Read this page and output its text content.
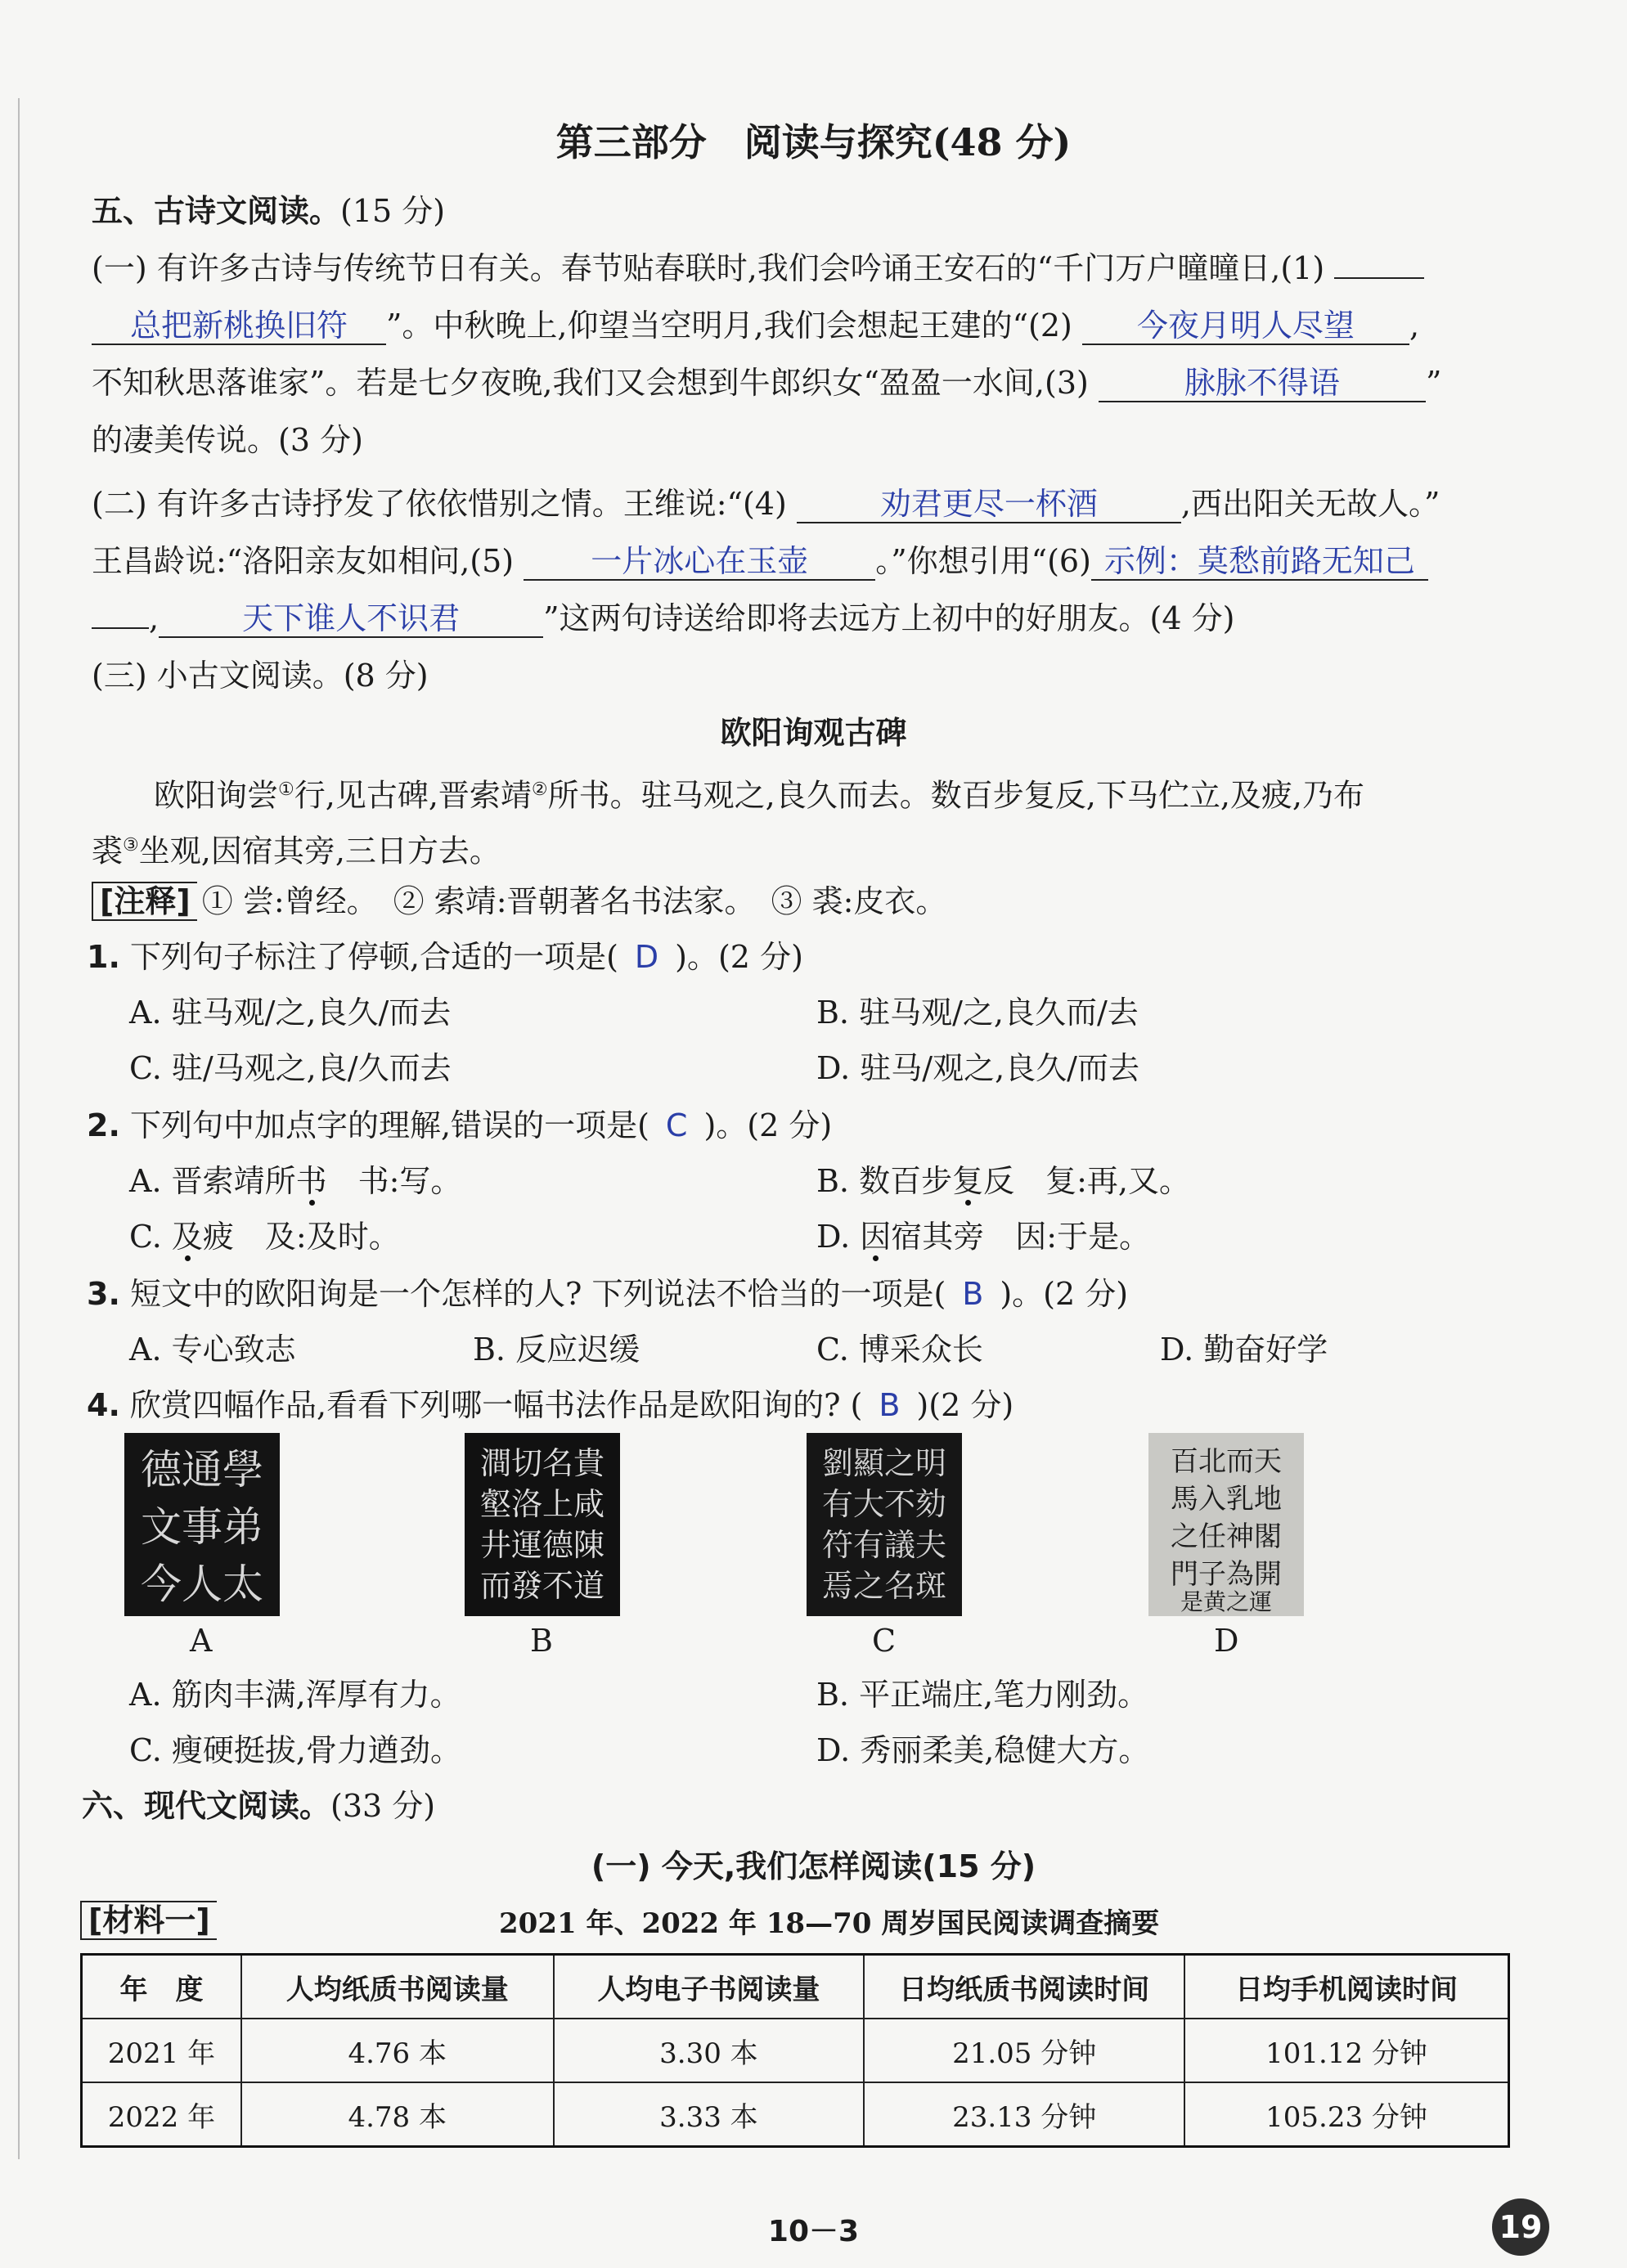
第三部分　阅读与探究(48 分)
五、古诗文阅读。(15 分)
(一) 有许多古诗与传统节日有关。春节贴春联时,我们会吟诵王安石的“千门万户曈曈日,(1)
总把新桃换旧符 ”。中秋晚上,仰望当空明月,我们会想起王建的“(2) 今夜月明人尽望 ,
不知秋思落谁家”。若是七夕夜晚,我们又会想到牛郎织女“盈盈一水间,(3)	脉脉不得语	”
的凄美传说。(3 分)
(二) 有许多古诗抒发了依依惜别之情。王维说:“(4)	劝君更尽一杯酒	,西出阳关无故人。”
王昌龄说:“洛阳亲友如相问,(5) 一片冰心在玉壶 。”你想引用“(6) 示例：莫愁前路无知己
,	天下谁人不识君	”这两句诗送给即将去远方上初中的好朋友。(4 分)
(三) 小古文阅读。(8 分)
欧阳询观古碑
欧阳询尝①行,见古碑,晋索靖②所书。驻马观之,良久而去。数百步复反,下马伫立,及疲,乃布
裘③坐观,因宿其旁,三日方去。
[注释] ① 尝:曾经。　② 索靖:晋朝著名书法家。　③ 裘:皮衣。
1. 下列句子标注了停顿,合适的一项是( D )。(2 分)
A. 驻马观/之,良久/而去	B. 驻马观/之,良久而/去
C. 驻/马观之,良/久而去	D. 驻马/观之,良久/而去
2. 下列句中加点字的理解,错误的一项是( C )。(2 分)
A. 晋索靖所书　书:写。	B. 数百步复反　复:再,又。
C. 及疲　及:及时。	D. 因宿其旁　因:于是。
3. 短文中的欧阳询是一个怎样的人? 下列说法不恰当的一项是( B )。(2 分)
A. 专心致志	B. 反应迟缓	C. 博采众长	D. 勤奋好学
4. 欣赏四幅作品,看看下列哪一幅书法作品是欧阳询的? ( B )(2 分)
德通學
文事弟
今人太
A
澗切名貴
壑洛上咸
井運德陳
而發不道
B
劉顯之明
有大不劾
符有議夫
焉之名斑
C
百北而天
馬入乳地
之任神閣
門子為開
是黄之運
D
A. 筋肉丰满,浑厚有力。	B. 平正端庄,笔力刚劲。
C. 瘦硬挺拔,骨力遒劲。	D. 秀丽柔美,稳健大方。
六、现代文阅读。(33 分)
(一) 今天,我们怎样阅读(15 分)
[材料一]	2021 年、2022 年 18—70 周岁国民阅读调查摘要
年　度	人均纸质书阅读量	人均电子书阅读量	日均纸质书阅读时间	日均手机阅读时间
2021 年	4.76 本	3.30 本	21.05 分钟	101.12 分钟
2022 年	4.78 本	3.33 本	23.13 分钟	105.23 分钟
10－3	19
